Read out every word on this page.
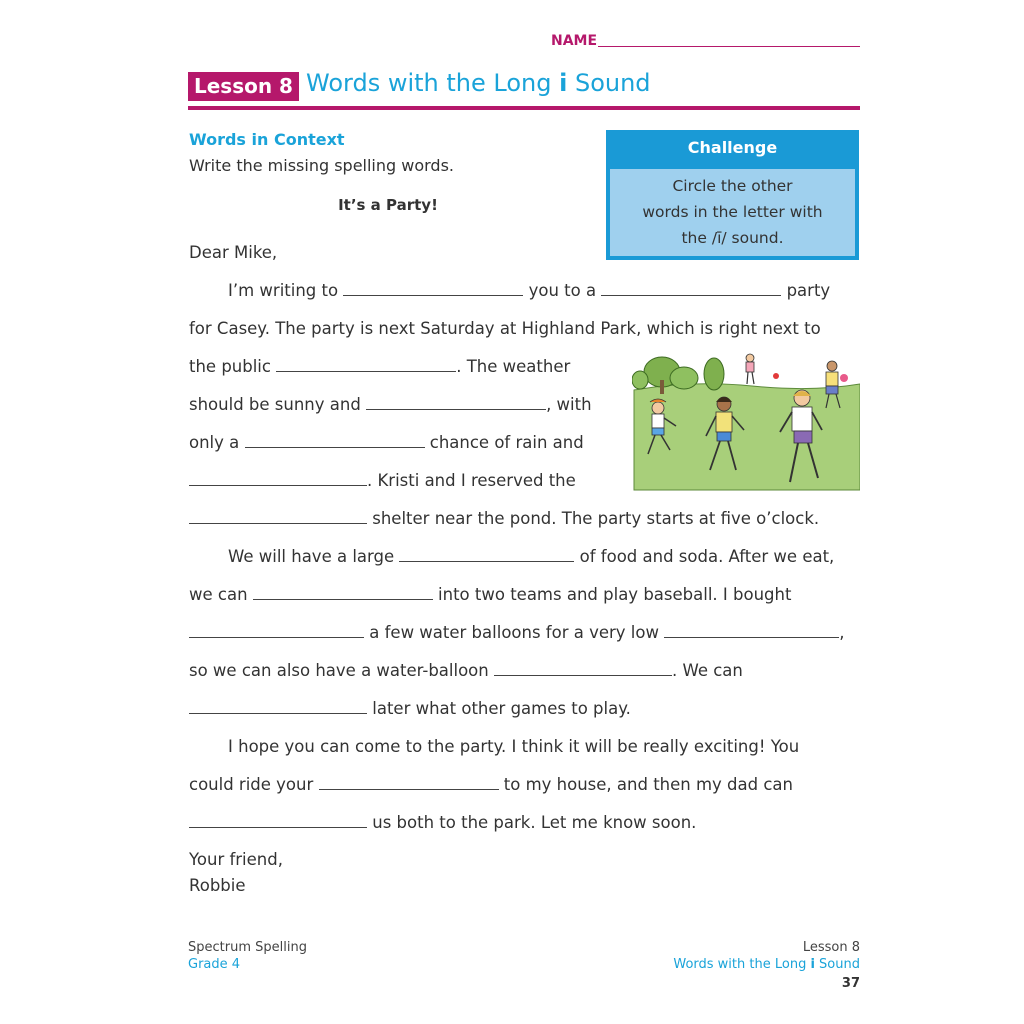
NAME
Lesson 8 Words with the Long i Sound
Words in Context
Write the missing spelling words.
It’s a Party!
Challenge
Circle the other
words in the letter with
the /ī/ sound.
Dear Mike,
I’m writing to	you to a	party
for Casey. The party is next Saturday at Highland Park, which is right next to
the public	. The weather
should be sunny and	, with
only a	chance of rain and
. Kristi and I reserved the
shelter near the pond. The party starts at five o’clock.
We will have a large	of food and soda. After we eat,
we can	into two teams and play baseball. I bought
a few water balloons for a very low	,
so we can also have a water-balloon	. We can
later what other games to play.
I hope you can come to the party. I think it will be really exciting! You
could ride your	to my house, and then my dad can
us both to the park. Let me know soon.
Your friend,
Robbie
Spectrum Spelling
Grade 4
Lesson 8
Words with the Long i Sound
37
